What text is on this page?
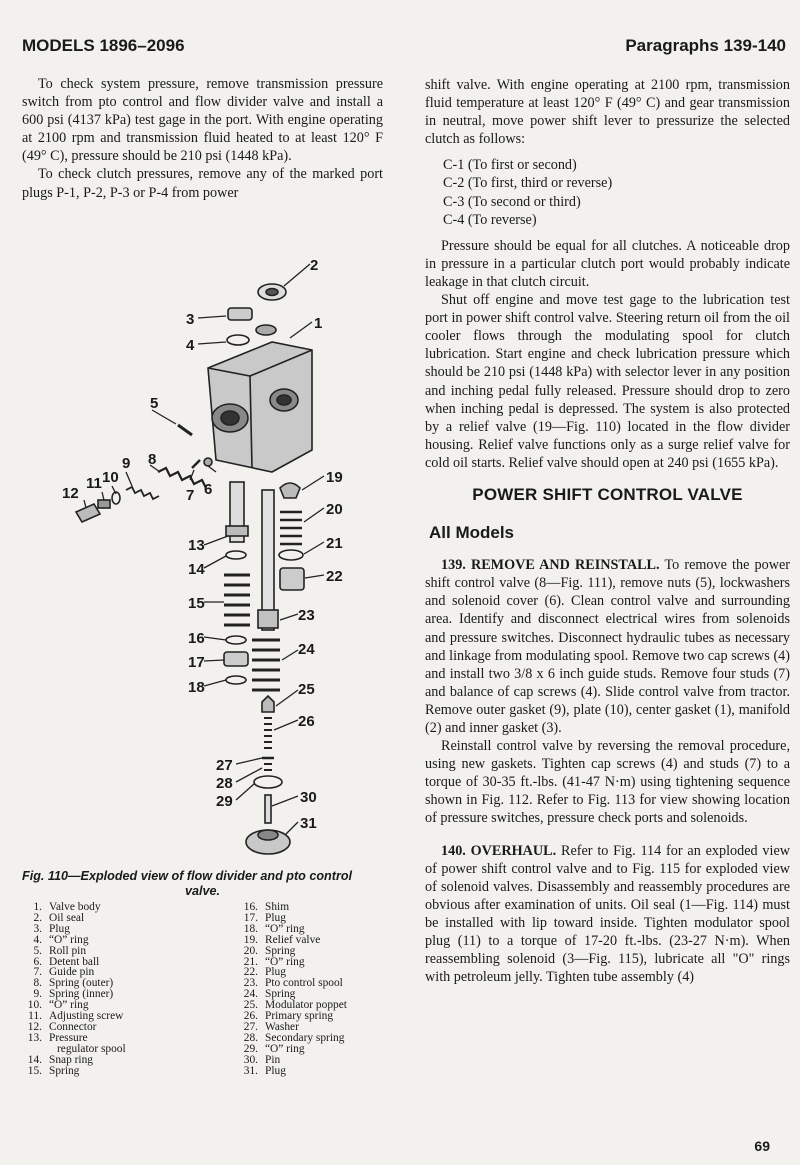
MODELS 1896–2096	Paragraphs 139-140

To check system pressure, remove transmission pressure switch from pto control and flow divider valve and install a 600 psi (4137 kPa) test gage in the port. With engine operating at 2100 rpm and transmission fluid heated to at least 120° F (49° C), pressure should be 210 psi (1448 kPa).

To check clutch pressures, remove any of the marked port plugs P-1, P-2, P-3 or P-4 from power

2
1
3
4
5
6
7
8
9
10
11
12
13
14
15
16
17
18
19
20
21
22
23
24
25
26
27
28
29	30
31
Fig. 110—Exploded view of flow divider and pto control
valve.
1. Valve body
2. Oil seal
3. Plug
4. “O” ring
5. Roll pin
6. Detent ball
7. Guide pin
8. Spring (outer)
9. Spring (inner)
10. “O” ring
11. Adjusting screw
12. Connector
13. Pressure
regulator spool
14. Snap ring
15. Spring
16. Shim
17. Plug
18. “O” ring
19. Relief valve
20. Spring
21. “O” ring
22. Plug
23. Pto control spool
24. Spring
25. Modulator poppet
26. Primary spring
27. Washer
28. Secondary spring
29. “O” ring
30. Pin
31. Plug

shift valve. With engine operating at 2100 rpm, transmission fluid temperature at least 120° F (49° C) and gear transmission in neutral, move power shift lever to pressurize the selected clutch as follows:

C-1 (To first or second)

C-2 (To first, third or reverse)

C-3 (To second or third)

C-4 (To reverse)

Pressure should be equal for all clutches. A noticeable drop in pressure in a particular clutch port would probably indicate leakage in that clutch circuit.

Shut off engine and move test gage to the lubrication test port in power shift control valve. Steering return oil from the oil cooler flows through the modulating spool for clutch lubrication. Start engine and check lubrication pressure which should be 210 psi (1448 kPa) with selector lever in any position and inching pedal fully released. Pressure should drop to zero when inching pedal is depressed. The system is also protected by a relief valve (19—Fig. 110) located in the flow divider housing. Relief valve functions only as a surge relief valve for cold oil starts. Relief valve should open at 240 psi (1655 kPa).

POWER SHIFT CONTROL VALVE
All Models

139. REMOVE AND REINSTALL. To remove the power shift control valve (8—Fig. 111), remove nuts (5), lockwashers and solenoid cover (6). Clean control valve and surrounding area. Identify and disconnect electrical wires from solenoids and pressure switches. Disconnect hydraulic tubes as necessary and linkage from modulating spool. Remove two cap screws (4) and install two 3/8 x 6 inch guide studs. Remove four studs (7) and balance of cap screws (4). Slide control valve from tractor. Remove outer gasket (9), plate (10), center gasket (1), manifold (2) and inner gasket (3).

Reinstall control valve by reversing the removal procedure, using new gaskets. Tighten cap screws (4) and studs (7) to a torque of 30-35 ft.-lbs. (41-47 N·m) using tightening sequence shown in Fig. 112. Refer to Fig. 113 for view showing location of pressure switches, pressure check ports and solenoids.

140. OVERHAUL. Refer to Fig. 114 for an exploded view of power shift control valve and to Fig. 115 for exploded view of solenoid valves. Disassembly and reassembly procedures are obvious after examination of units. Oil seal (1—Fig. 114) must be installed with lip toward inside. Tighten modulator spool plug (11) to a torque of 17-20 ft.-lbs. (23-27 N·m). When reassembling solenoid (3—Fig. 115), lubricate all "O" rings with petroleum jelly. Tighten tube assembly (4)

69
